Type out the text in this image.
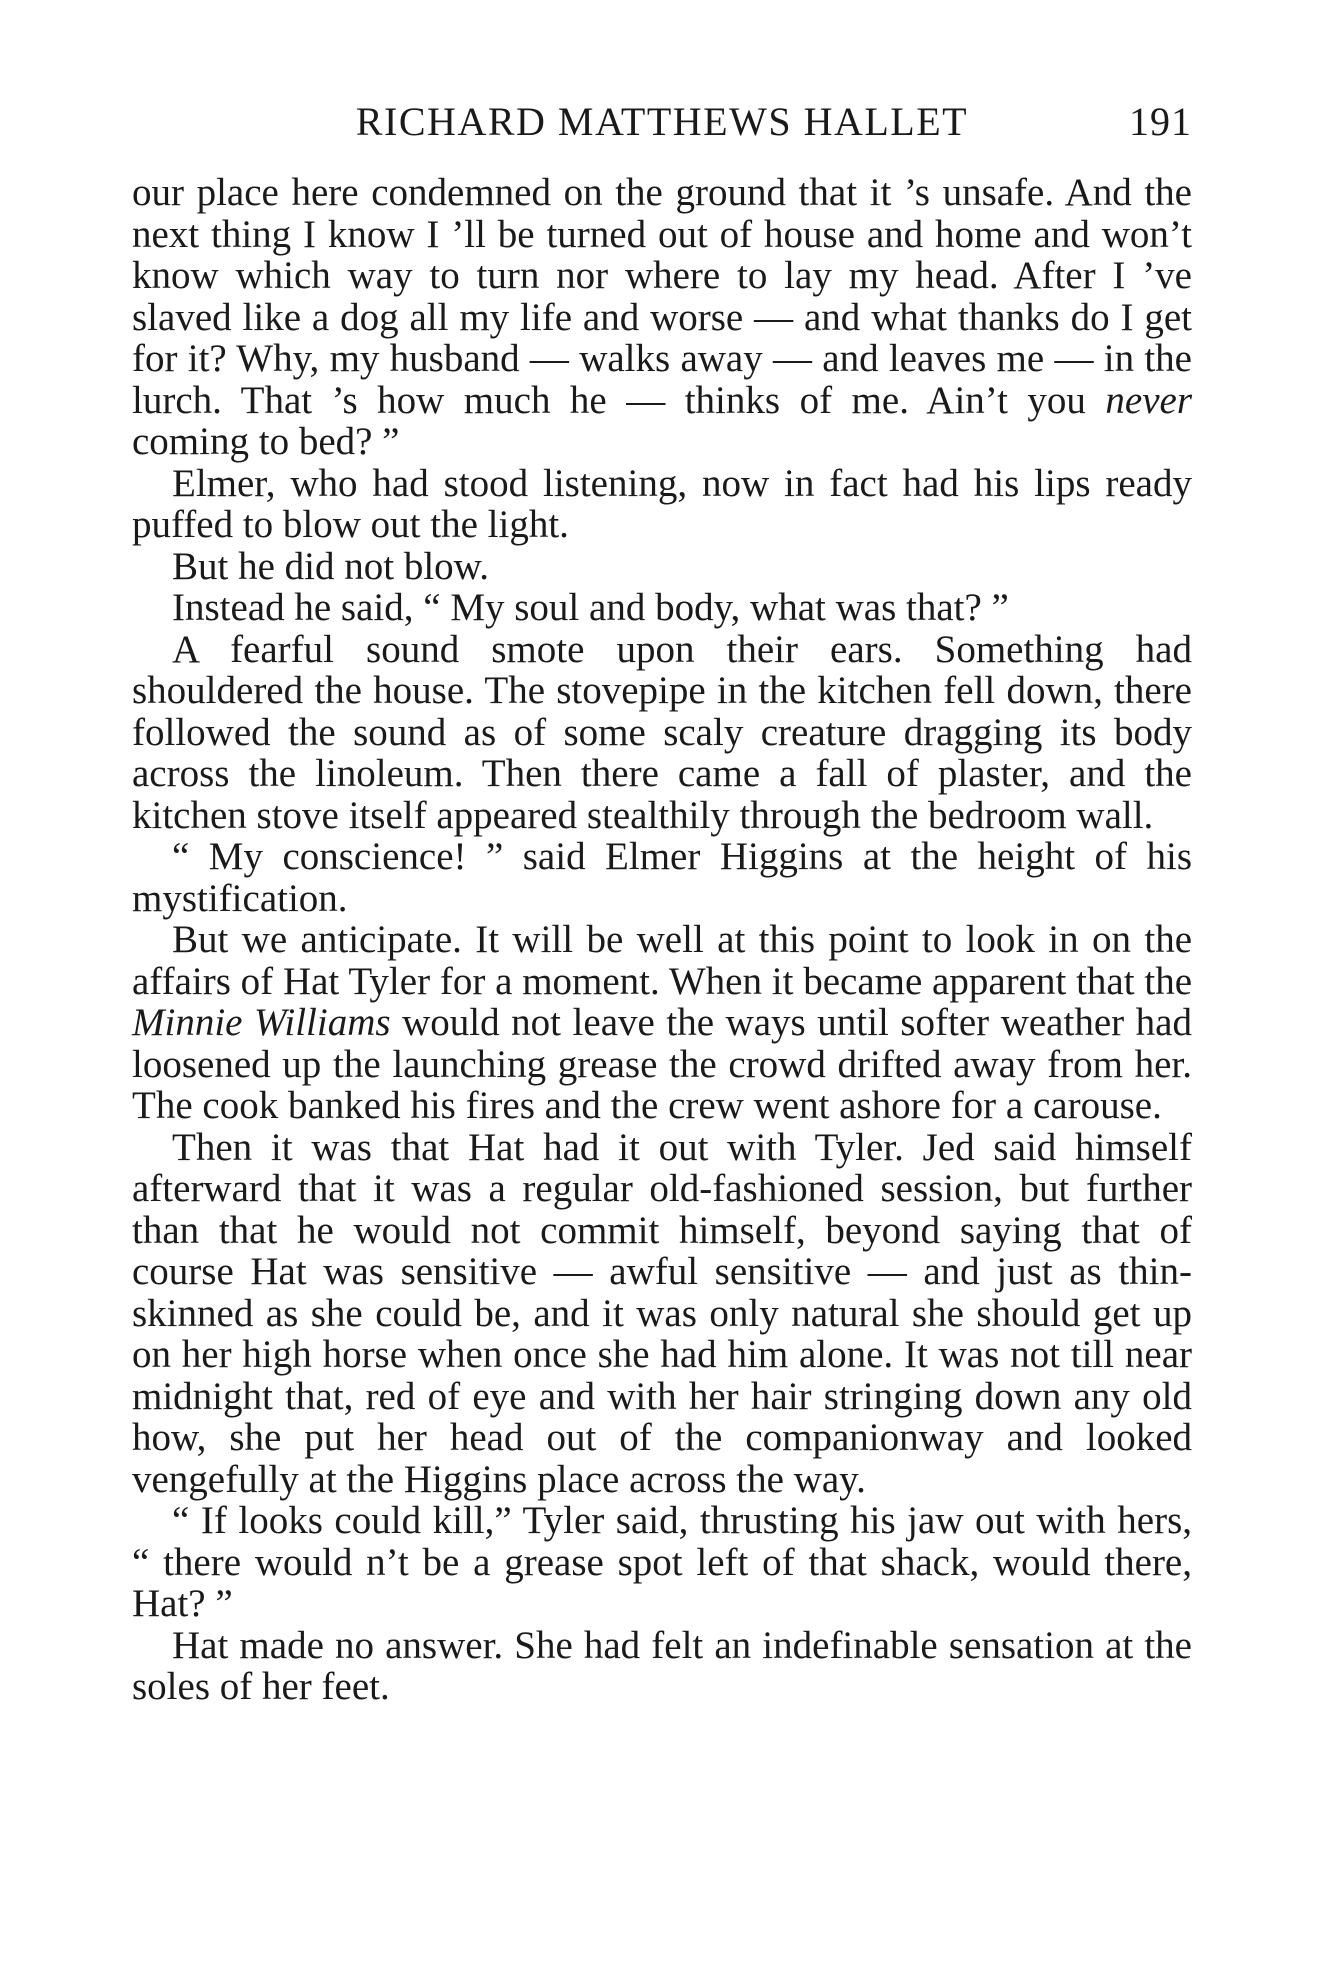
RICHARD MATTHEWS HALLET	191

our place here condemned on the ground that it ’s unsafe. And the next thing I know I ’ll be turned out of house and home and won’t know which way to turn nor where to lay my head. After I ’ve slaved like a dog all my life and worse — and what thanks do I get for it? Why, my husband — walks away — and leaves me — in the lurch. That ’s how much he — thinks of me. Ain’t you never coming to bed? ”

Elmer, who had stood listening, now in fact had his lips ready puffed to blow out the light.

But he did not blow.

Instead he said, “ My soul and body, what was that? ”

A fearful sound smote upon their ears. Something had shouldered the house. The stovepipe in the kitchen fell down, there followed the sound as of some scaly creature dragging its body across the linoleum. Then there came a fall of plaster, and the kitchen stove itself appeared stealthily through the bedroom wall.

“ My conscience! ” said Elmer Higgins at the height of his mystification.

But we anticipate. It will be well at this point to look in on the affairs of Hat Tyler for a moment. When it became apparent that the Minnie Williams would not leave the ways until softer weather had loosened up the launching grease the crowd drifted away from her. The cook banked his fires and the crew went ashore for a carouse.

Then it was that Hat had it out with Tyler. Jed said himself afterward that it was a regular old-fashioned session, but further than that he would not commit himself, beyond saying that of course Hat was sensitive — awful sensitive — and just as thin-skinned as she could be, and it was only natural she should get up on her high horse when once she had him alone. It was not till near midnight that, red of eye and with her hair stringing down any old how, she put her head out of the companionway and looked vengefully at the Higgins place across the way.

“ If looks could kill,” Tyler said, thrusting his jaw out with hers, “ there would n’t be a grease spot left of that shack, would there, Hat? ”

Hat made no answer. She had felt an indefinable sensation at the soles of her feet.
